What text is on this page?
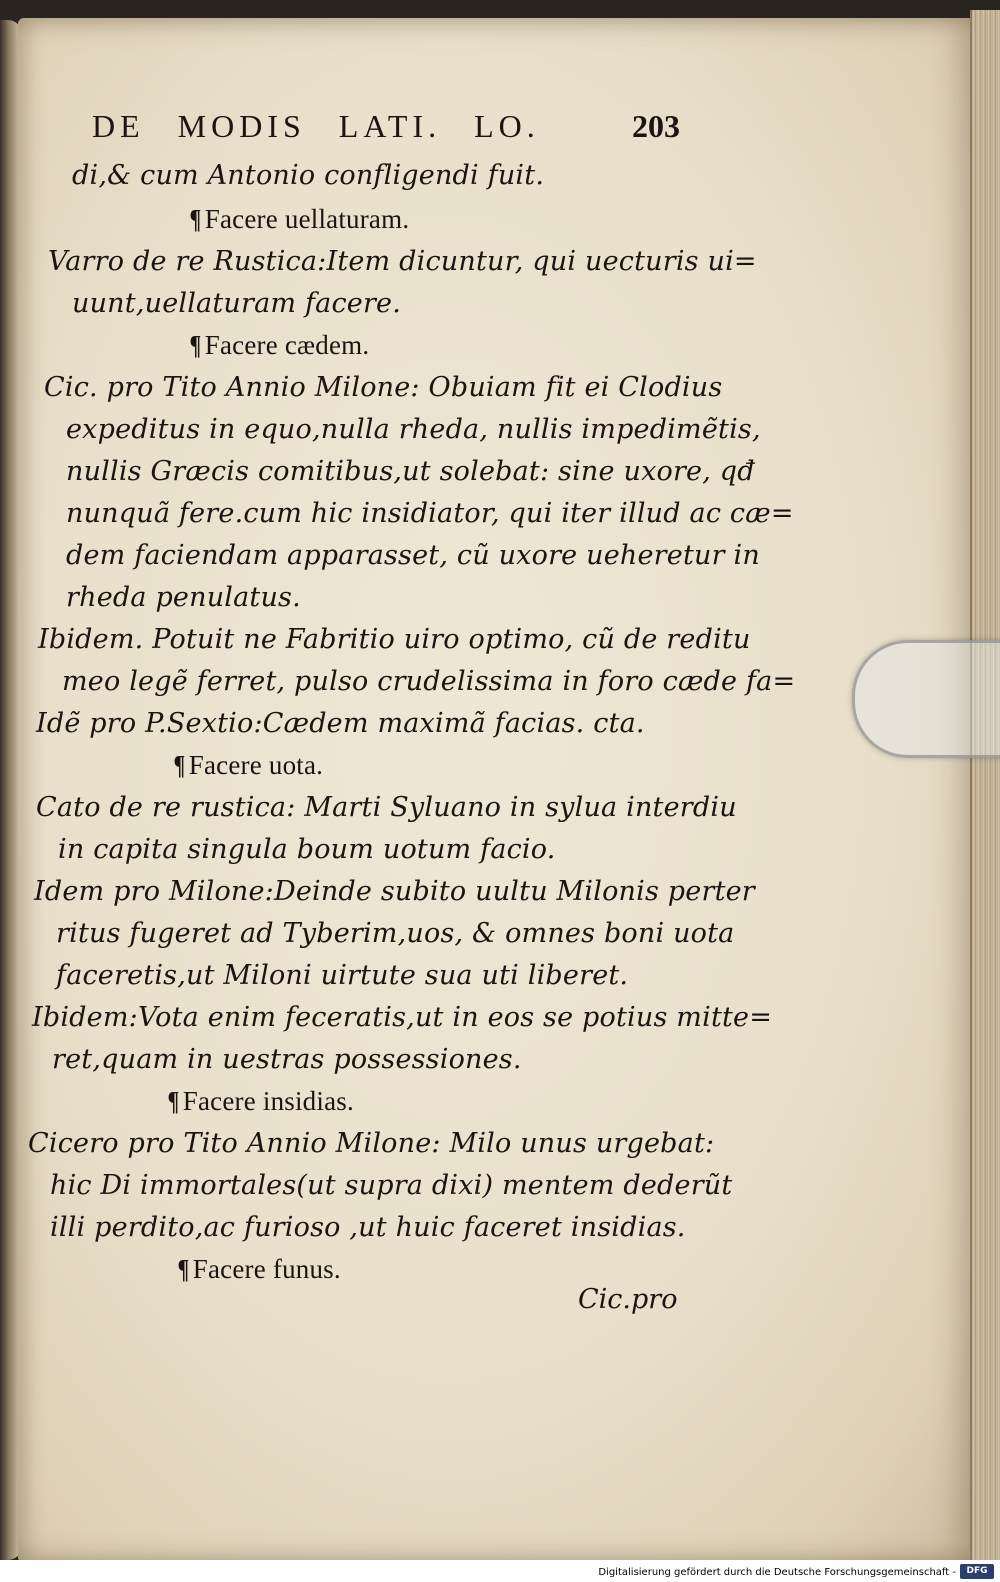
DE MODIS LATI. LO.	203
di,& cum Antonio confligendi fuit.
¶ Facere uellaturam.
Varro de re Rustica:Item dicuntur, qui uecturis ui=
uunt,uellaturam facere.
¶ Facere cædem.
Cic. pro Tito Annio Milone: Obuiam fit ei Clodius
expeditus in equo,nulla rheda, nullis impedimẽtis,
nullis Græcis comitibus,ut solebat: sine uxore, qđ
nunquã fere.cum hic insidiator, qui iter illud ac cæ=
dem faciendam apparasset, cũ uxore ueheretur in
rheda penulatus.
Ibidem. Potuit ne Fabritio uiro optimo, cũ de reditu
meo legẽ ferret, pulso crudelissima in foro cæde fa=
Idẽ pro P.Sextio:Cædem maximã facias. cta.
¶ Facere uota.
Cato de re rustica: Marti Syluano in sylua interdiu
in capita singula boum uotum facio.
Idem pro Milone:Deinde subito uultu Milonis perter
ritus fugeret ad Tyberim,uos, & omnes boni uota
faceretis,ut Miloni uirtute sua uti liberet.
Ibidem:Vota enim feceratis,ut in eos se potius mitte=
ret,quam in uestras possessiones.
¶ Facere insidias.
Cicero pro Tito Annio Milone: Milo unus urgebat:
hic Di immortales(ut supra dixi) mentem dederũt
illi perdito,ac furioso ,ut huic faceret insidias.
¶ Facere funus.
Cic.pro
Digitalisierung gefördert durch die Deutsche Forschungsgemeinschaft -	DFG
